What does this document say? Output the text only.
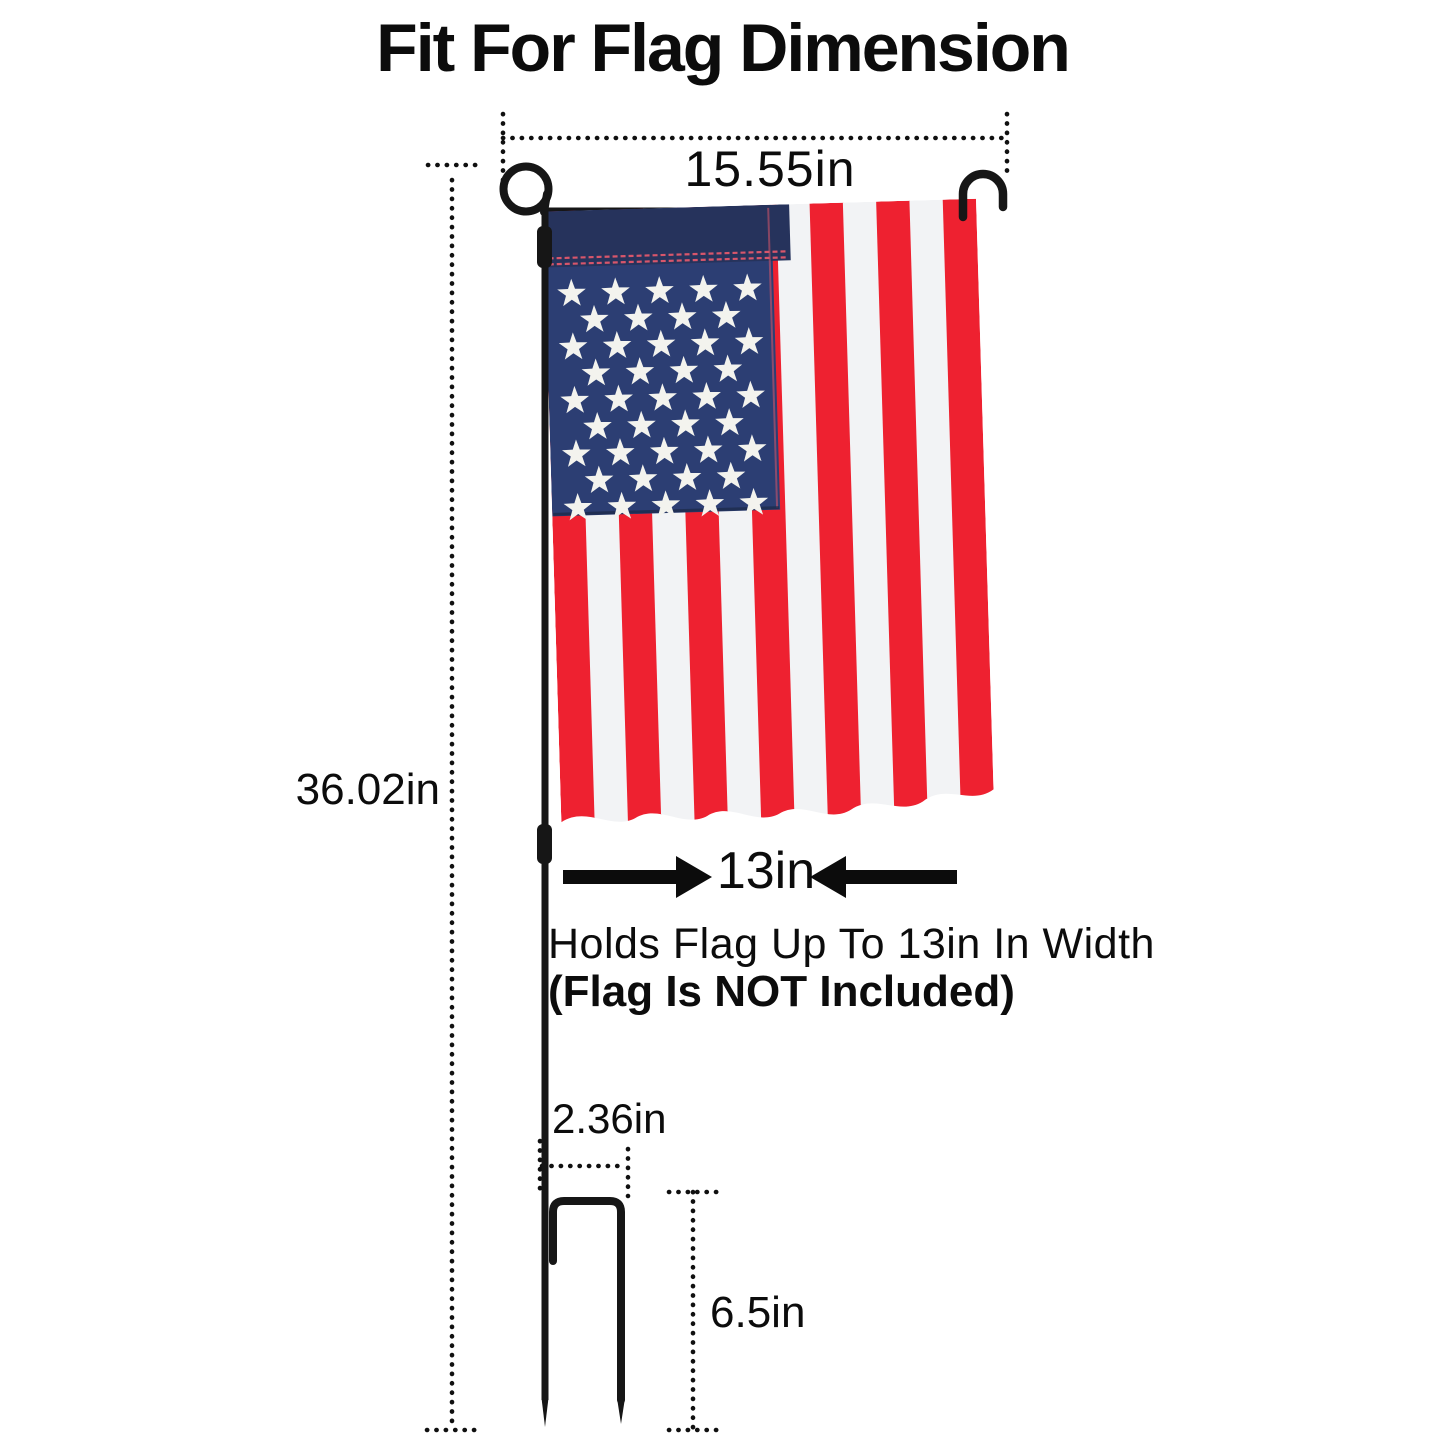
Fit For Flag Dimension
15.55in
36.02in
13in
Holds Flag Up To 13in In Width
(Flag Is NOT Included)
2.36in
6.5in
